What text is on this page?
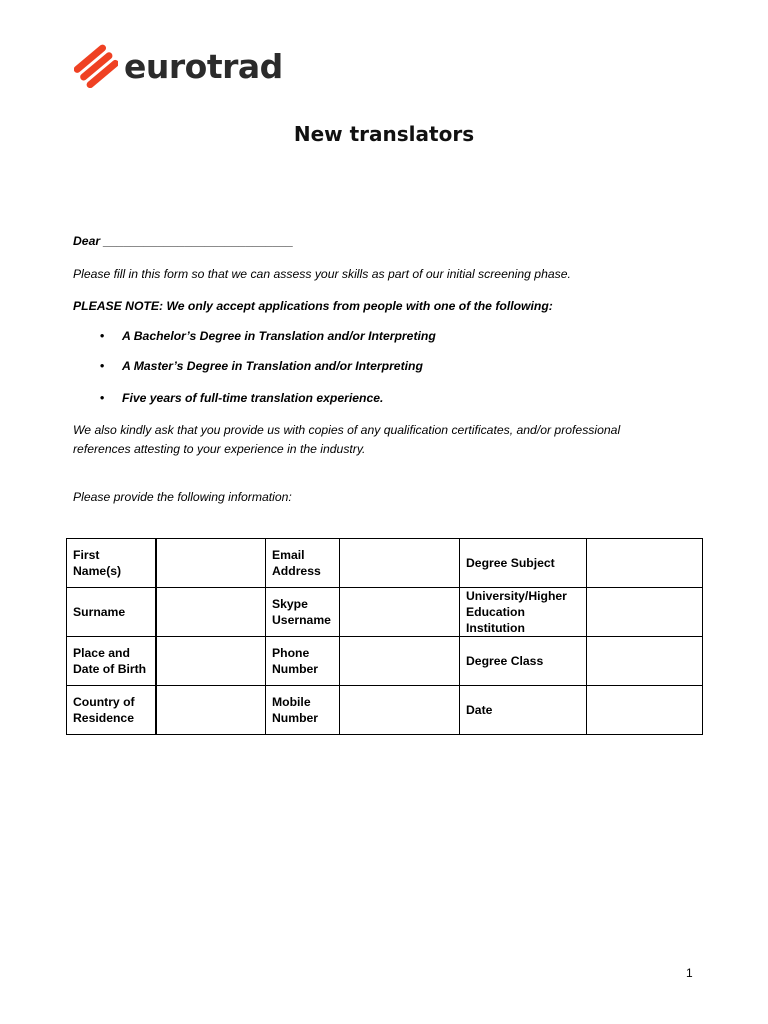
eurotrad
New translators
Dear ____________________________
Please fill in this form so that we can assess your skills as part of our initial screening phase.
PLEASE NOTE: We only accept applications from people with one of the following:
• A Bachelor’s Degree in Translation and/or Interpreting
• A Master’s Degree in Translation and/or Interpreting
• Five years of full-time translation experience.
We also kindly ask that you provide us with copies of any qualification certificates, and/or professional references attesting to your experience in the industry.
Please provide the following information:
First Name(s)		Email Address		Degree Subject	
Surname		Skype Username		University/Higher Education Institution	
Place and Date of Birth		Phone Number		Degree Class	
Country of Residence		Mobile Number		Date	
1
